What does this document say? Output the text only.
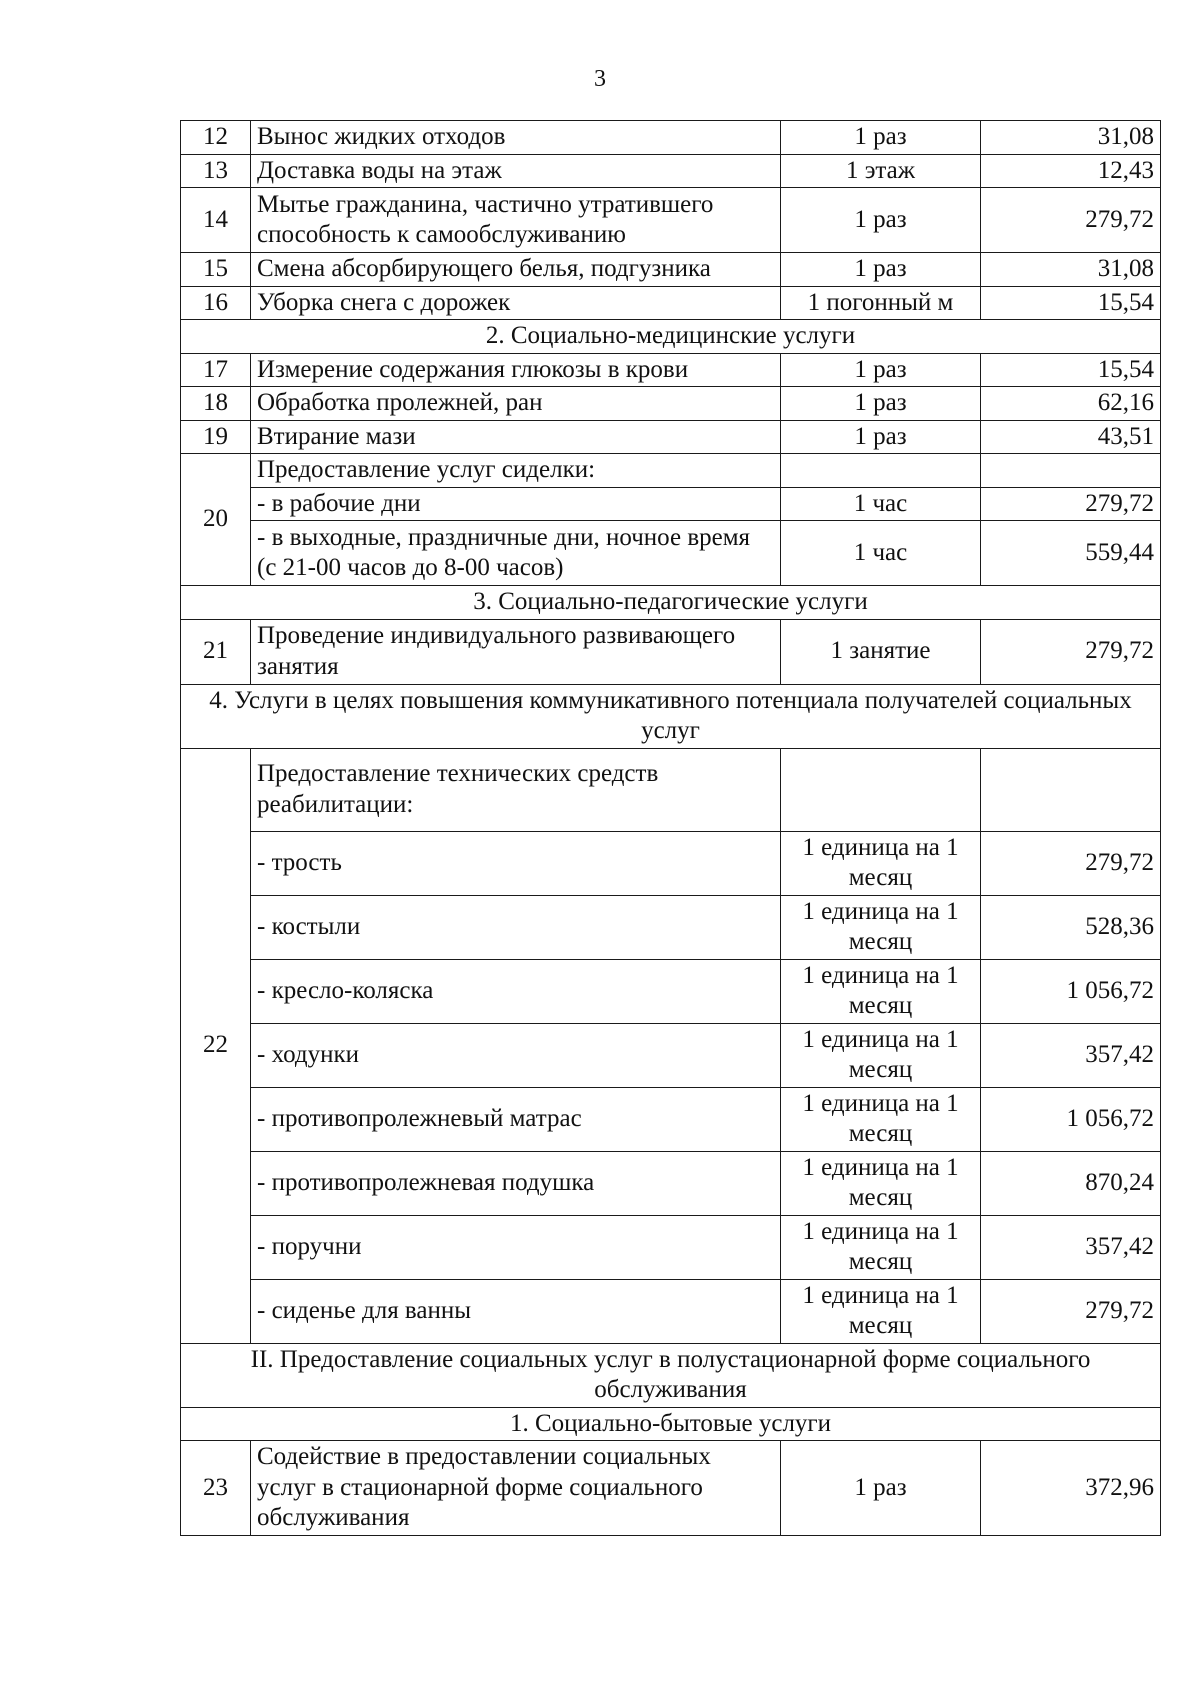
3
12	Вынос жидких отходов	1 раз	31,08
13	Доставка воды на этаж	1 этаж	12,43
14	Мытье гражданина, частично утратившего способность к самообслуживанию	1 раз	279,72
15	Смена абсорбирующего белья, подгузника	1 раз	31,08
16	Уборка снега с дорожек	1 погонный м	15,54
2. Социально-медицинские услуги			
17	Измерение содержания глюкозы в крови	1 раз	15,54
18	Обработка пролежней, ран	1 раз	62,16
19	Втирание мази	1 раз	43,51
20	Предоставление услуг сиделки:		
	- в рабочие дни	1 час	279,72
	- в выходные, праздничные дни, ночное время (с 21-00 часов до 8-00 часов)	1 час	559,44
3. Социально-педагогические услуги			
21	Проведение индивидуального развивающего занятия	1 занятие	279,72
4. Услуги в целях повышения коммуникативного потенциала получателей социальных услуг			
22	Предоставление технических средств реабилитации:		
	- трость	1 единица на 1 месяц	279,72
	- костыли	1 единица на 1 месяц	528,36
	- кресло-коляска	1 единица на 1 месяц	1 056,72
	- ходунки	1 единица на 1 месяц	357,42
	- противопролежневый матрас	1 единица на 1 месяц	1 056,72
	- противопролежневая подушка	1 единица на 1 месяц	870,24
	- поручни	1 единица на 1 месяц	357,42
	- сиденье для ванны	1 единица на 1 месяц	279,72
II. Предоставление социальных услуг в полустационарной форме социального обслуживания			
1. Социально-бытовые услуги			
23	Содействие в предоставлении социальных услуг в стационарной форме социального обслуживания	1 раз	372,96
